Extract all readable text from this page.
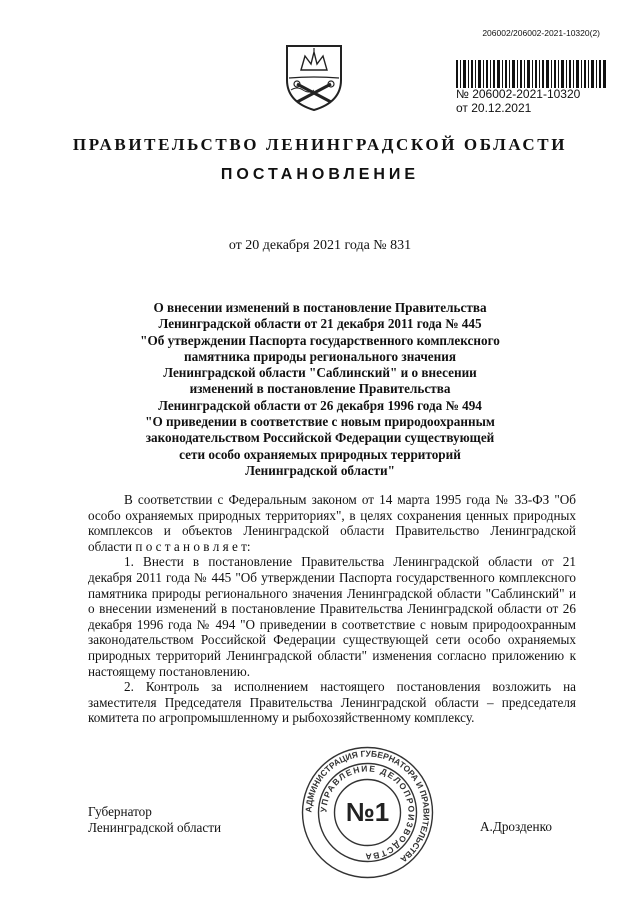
206002/206002-2021-10320(2)
№ 206002-2021-10320
от 20.12.2021
ПРАВИТЕЛЬСТВО ЛЕНИНГРАДСКОЙ ОБЛАСТИ
ПОСТАНОВЛЕНИЕ
от 20 декабря 2021 года № 831
О внесении изменений в постановление Правительства
Ленинградской области от 21 декабря 2011 года № 445
"Об утверждении Паспорта государственного комплексного
памятника природы регионального значения
Ленинградской области "Саблинский" и о внесении
изменений в постановление Правительства
Ленинградской области от 26 декабря 1996 года № 494
"О приведении в соответствие с новым природоохранным
законодательством Российской Федерации существующей
сети особо охраняемых природных территорий
Ленинградской области"

В соответствии с Федеральным законом от 14 марта 1995 года № 33-ФЗ "Об особо охраняемых природных территориях", в целях сохранения ценных природных комплексов и объектов Ленинградской области Правительство Ленинградской области п о с т а н о в л я е т:

1. Внести в постановление Правительства Ленинградской области от 21 декабря 2011 года № 445 "Об утверждении Паспорта государственного комплексного памятника природы регионального значения Ленинградской области "Саблинский" и о внесении изменений в постановление Правительства Ленинградской области от 26 декабря 1996 года № 494 "О приведении в соответствие с новым природоохранным законодательством Российской Федерации существующей сети особо охраняемых природных территорий Ленинградской области" изменения согласно приложению к настоящему постановлению.

2. Контроль за исполнением настоящего постановления возложить на заместителя Председателя Правительства Ленинградской области – председателя комитета по агропромышленному и рыбохозяйственному комплексу.

Губернатор
Ленинградской области
АДМИНИСТРАЦИЯ ГУБЕРНАТОРА И ПРАВИТЕЛЬСТВА
УПРАВЛЕНИЕ ДЕЛОПРОИЗВОДСТВА
№1	А.Дрозденко
